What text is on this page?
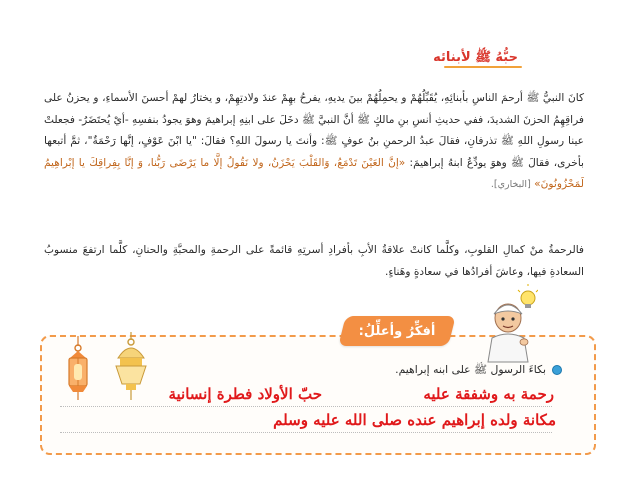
حبُّهُ ﷺ لأبنائه
كانَ النبيُّ ﷺ أرحمَ الناسِ بأبنائِهِ، يُقَبِّلُهُمْ و يحمِلُهُمْ بينَ يديهِ، يفرحُ بهِمْ عندَ ولادتِهِمْ، و يختارُ لهمْ أحسنَ الأسماءِ، و يحزنُ على فراقِهِمُ الحزنَ الشديدَ، ففي حديثِ أنسِ بنِ مالكٍ ﷺ أنَّ النبيَّ ﷺ دخَلَ على ابنِهِ إبراهيمَ وهوَ يجودُ بنفسِهِ -أيْ يُحتَضَرُ- فجعلتْ عينا رسولِ اللهِ ﷺ تذرفانِ، فقالَ عبدُ الرحمنِ بنُ عوفٍ ﷺ: وأنتَ يا رسولَ اللهِ؟ فقالَ: "يا ابْنَ عَوْفٍ، إنَّها رَحْمَةٌ"، ثمَّ أتبعها بأخرى، فقالَ ﷺ وهوَ يودِّعُ ابنهُ إبراهيمَ: «إنَّ العَيْنَ تَدْمَعُ، وَالقَلْبَ يَحْزَنُ، ولا نَقُولُ إلَّا ما يَرْضَى رَبُّنا، وَ إنَّا بِفِراقِكَ يا إبْراهِيمُ لَمَحْزُونُونَ» [البخاري].
فالرحمةُ منْ كمالِ القلوبِ، وكلَّما كانتْ علاقةُ الأبِ بأفرادِ أسرتِهِ قائمةً على الرحمةِ والمحبَّةِ والحنانِ، كلَّما ارتفعَ منسوبُ السعادةِ فيها، وعاشَ أفرادُها في سعادةٍ وهَناءٍ.
أفكِّرُ وأعلِّلُ:
بكاءَ الرسول ﷺ على ابنه إبراهيم.
رحمة به وشفقة عليه
حبّ الأولاد فطرة إنسانية
مكانة ولده إبراهيم عنده صلى الله عليه وسلم
